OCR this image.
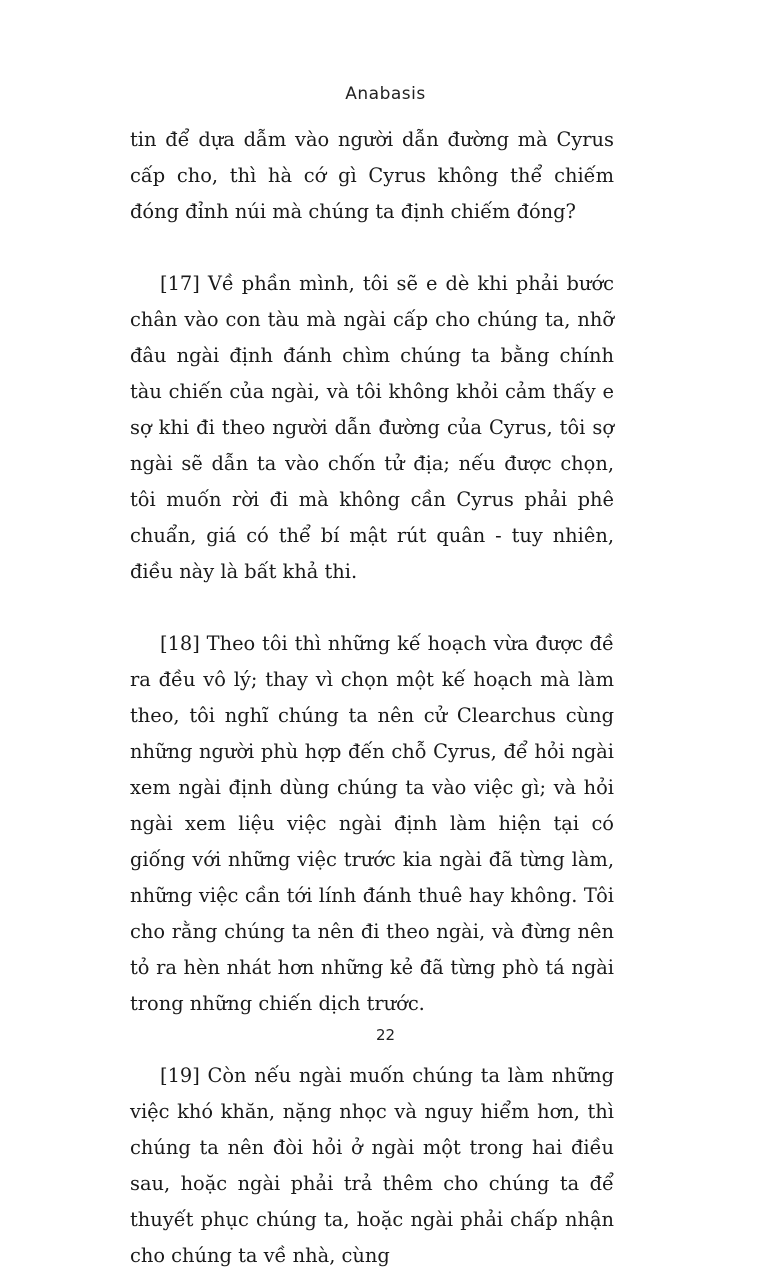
Anabasis

tin để dựa dẫm vào người dẫn đường mà Cyrus cấp cho, thì hà cớ gì Cyrus không thể chiếm đóng đỉnh núi mà chúng ta định chiếm đóng?

[17] Về phần mình, tôi sẽ e dè khi phải bước chân vào con tàu mà ngài cấp cho chúng ta, nhỡ đâu ngài định đánh chìm chúng ta bằng chính tàu chiến của ngài, và tôi không khỏi cảm thấy e sợ khi đi theo người dẫn đường của Cyrus, tôi sợ ngài sẽ dẫn ta vào chốn tử địa; nếu được chọn, tôi muốn rời đi mà không cần Cyrus phải phê chuẩn, giá có thể bí mật rút quân - tuy nhiên, điều này là bất khả thi.

[18] Theo tôi thì những kế hoạch vừa được đề ra đều vô lý; thay vì chọn một kế hoạch mà làm theo, tôi nghĩ chúng ta nên cử Clearchus cùng những người phù hợp đến chỗ Cyrus, để hỏi ngài xem ngài định dùng chúng ta vào việc gì; và hỏi ngài xem liệu việc ngài định làm hiện tại có giống với những việc trước kia ngài đã từng làm, những việc cần tới lính đánh thuê hay không. Tôi cho rằng chúng ta nên đi theo ngài, và đừng nên tỏ ra hèn nhát hơn những kẻ đã từng phò tá ngài trong những chiến dịch trước.

[19] Còn nếu ngài muốn chúng ta làm những việc khó khăn, nặng nhọc và nguy hiểm hơn, thì chúng ta nên đòi hỏi ở ngài một trong hai điều sau, hoặc ngài phải trả thêm cho chúng ta để thuyết phục chúng ta, hoặc ngài phải chấp nhận cho chúng ta về nhà, cùng

22
